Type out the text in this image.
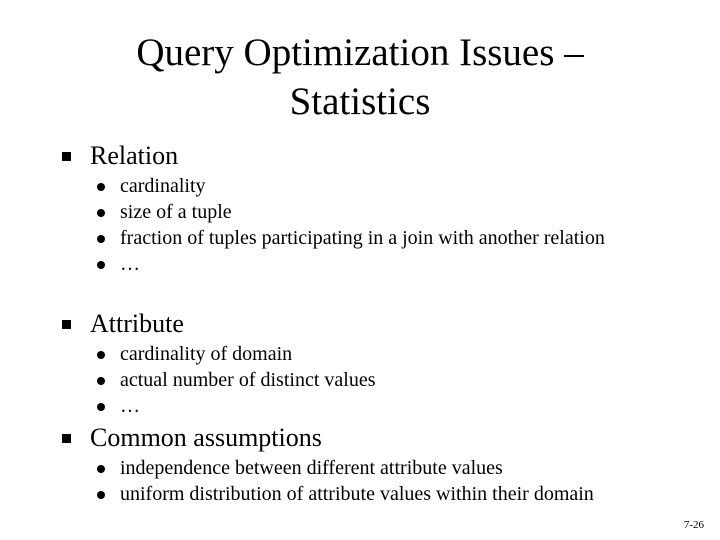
Query Optimization Issues –
Statistics
Relation
cardinality
size of a tuple
fraction of tuples participating in a join with another relation
…
Attribute
cardinality of domain
actual number of distinct values
…
Common assumptions
independence between different attribute values
uniform distribution of attribute values within their domain
7-26
